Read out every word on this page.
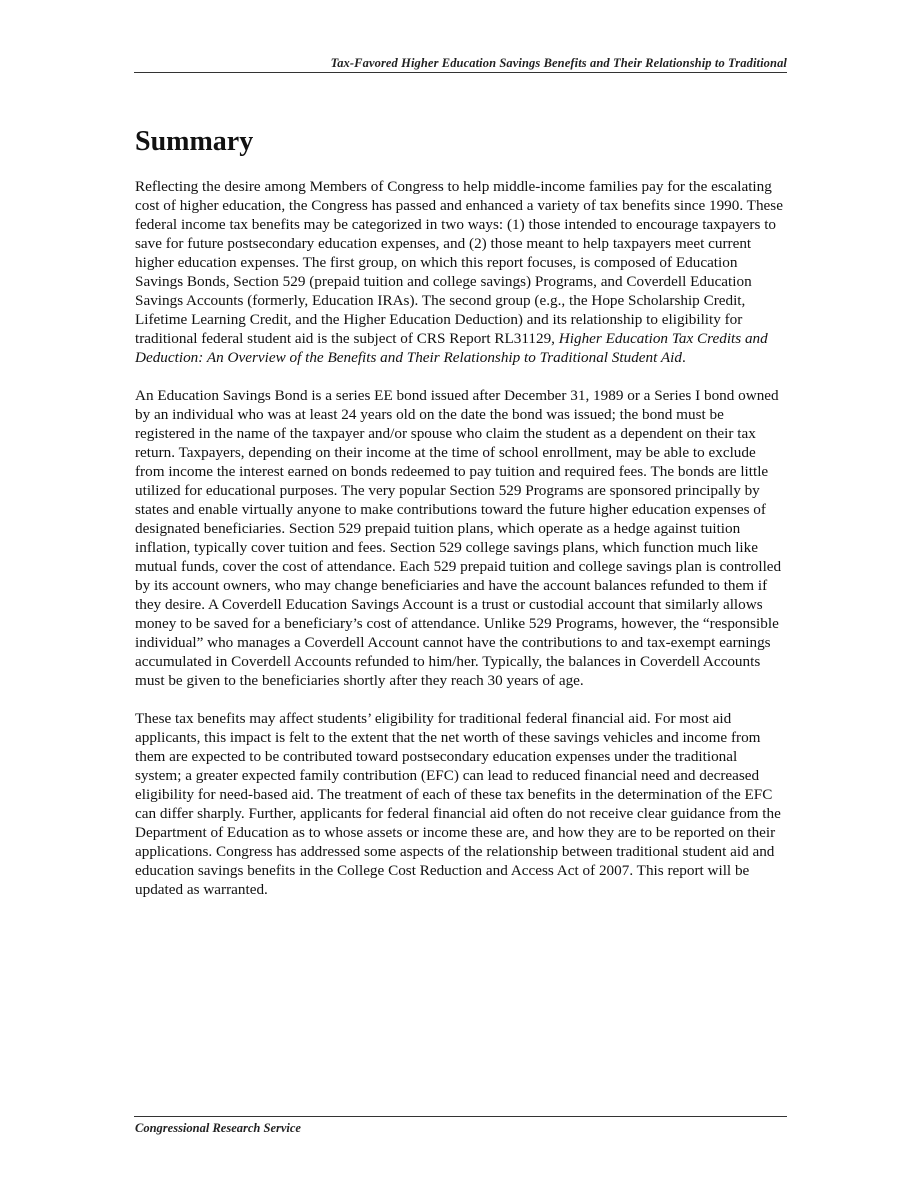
Tax-Favored Higher Education Savings Benefits and Their Relationship to Traditional
Summary

Reflecting the desire among Members of Congress to help middle-income families pay for the escalating cost of higher education, the Congress has passed and enhanced a variety of tax benefits since 1990. These federal income tax benefits may be categorized in two ways: (1) those intended to encourage taxpayers to save for future postsecondary education expenses, and (2) those meant to help taxpayers meet current higher education expenses. The first group, on which this report focuses, is composed of Education Savings Bonds, Section 529 (prepaid tuition and college savings) Programs, and Coverdell Education Savings Accounts (formerly, Education IRAs). The second group (e.g., the Hope Scholarship Credit, Lifetime Learning Credit, and the Higher Education Deduction) and its relationship to eligibility for traditional federal student aid is the subject of CRS Report RL31129, Higher Education Tax Credits and Deduction: An Overview of the Benefits and Their Relationship to Traditional Student Aid.

An Education Savings Bond is a series EE bond issued after December 31, 1989 or a Series I bond owned by an individual who was at least 24 years old on the date the bond was issued; the bond must be registered in the name of the taxpayer and/or spouse who claim the student as a dependent on their tax return. Taxpayers, depending on their income at the time of school enrollment, may be able to exclude from income the interest earned on bonds redeemed to pay tuition and required fees. The bonds are little utilized for educational purposes. The very popular Section 529 Programs are sponsored principally by states and enable virtually anyone to make contributions toward the future higher education expenses of designated beneficiaries. Section 529 prepaid tuition plans, which operate as a hedge against tuition inflation, typically cover tuition and fees. Section 529 college savings plans, which function much like mutual funds, cover the cost of attendance. Each 529 prepaid tuition and college savings plan is controlled by its account owners, who may change beneficiaries and have the account balances refunded to them if they desire. A Coverdell Education Savings Account is a trust or custodial account that similarly allows money to be saved for a beneficiary’s cost of attendance. Unlike 529 Programs, however, the “responsible individual” who manages a Coverdell Account cannot have the contributions to and tax-exempt earnings accumulated in Coverdell Accounts refunded to him/her. Typically, the balances in Coverdell Accounts must be given to the beneficiaries shortly after they reach 30 years of age.

These tax benefits may affect students’ eligibility for traditional federal financial aid. For most aid applicants, this impact is felt to the extent that the net worth of these savings vehicles and income from them are expected to be contributed toward postsecondary education expenses under the traditional system; a greater expected family contribution (EFC) can lead to reduced financial need and decreased eligibility for need-based aid. The treatment of each of these tax benefits in the determination of the EFC can differ sharply. Further, applicants for federal financial aid often do not receive clear guidance from the Department of Education as to whose assets or income these are, and how they are to be reported on their applications. Congress has addressed some aspects of the relationship between traditional student aid and education savings benefits in the College Cost Reduction and Access Act of 2007. This report will be updated as warranted.

Congressional Research Service
